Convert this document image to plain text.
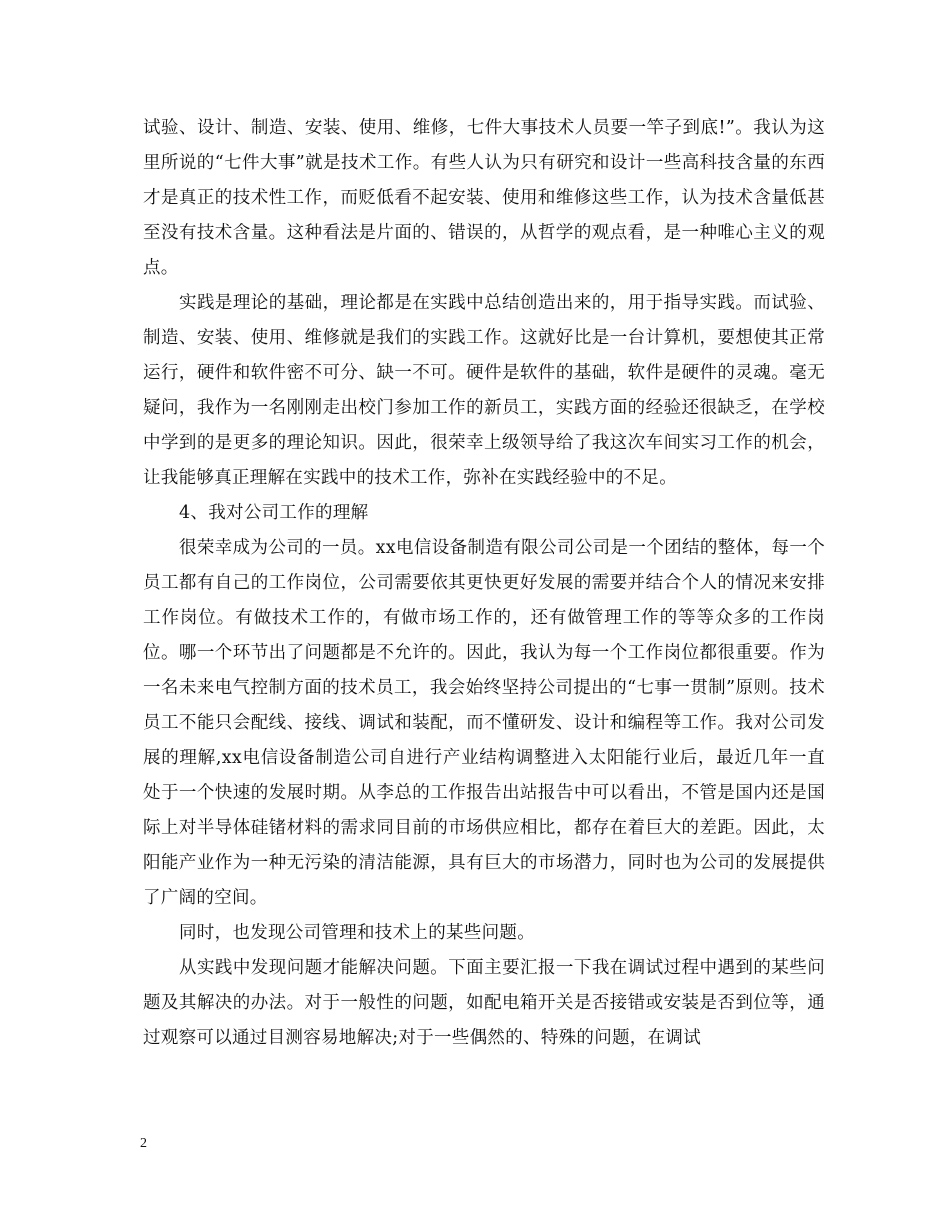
试验、设计、制造、安装、使用、维修，七件大事技术人员要一竿子到底!”。我认为这里所说的“七件大事”就是技术工作。有些人认为只有研究和设计一些高科技含量的东西才是真正的技术性工作，而贬低看不起安装、使用和维修这些工作，认为技术含量低甚至没有技术含量。这种看法是片面的、错误的，从哲学的观点看，是一种唯心主义的观点。

实践是理论的基础，理论都是在实践中总结创造出来的，用于指导实践。而试验、制造、安装、使用、维修就是我们的实践工作。这就好比是一台计算机，要想使其正常运行，硬件和软件密不可分、缺一不可。硬件是软件的基础，软件是硬件的灵魂。毫无疑问，我作为一名刚刚走出校门参加工作的新员工，实践方面的经验还很缺乏，在学校中学到的是更多的理论知识。因此，很荣幸上级领导给了我这次车间实习工作的机会，让我能够真正理解在实践中的技术工作，弥补在实践经验中的不足。

4、我对公司工作的理解

很荣幸成为公司的一员。xx电信设备制造有限公司公司是一个团结的整体，每一个员工都有自己的工作岗位，公司需要依其更快更好发展的需要并结合个人的情况来安排工作岗位。有做技术工作的，有做市场工作的，还有做管理工作的等等众多的工作岗位。哪一个环节出了问题都是不允许的。因此，我认为每一个工作岗位都很重要。作为一名未来电气控制方面的技术员工，我会始终坚持公司提出的“七事一贯制”原则。技术员工不能只会配线、接线、调试和装配，而不懂研发、设计和编程等工作。我对公司发展的理解,xx电信设备制造公司自进行产业结构调整进入太阳能行业后，最近几年一直处于一个快速的发展时期。从李总的工作报告出站报告中可以看出，不管是国内还是国际上对半导体硅锗材料的需求同目前的市场供应相比，都存在着巨大的差距。因此，太阳能产业作为一种无污染的清洁能源，具有巨大的市场潜力，同时也为公司的发展提供了广阔的空间。

同时，也发现公司管理和技术上的某些问题。

从实践中发现问题才能解决问题。下面主要汇报一下我在调试过程中遇到的某些问题及其解决的办法。对于一般性的问题，如配电箱开关是否接错或安装是否到位等，通过观察可以通过目测容易地解决;对于一些偶然的、特殊的问题，在调试

2
